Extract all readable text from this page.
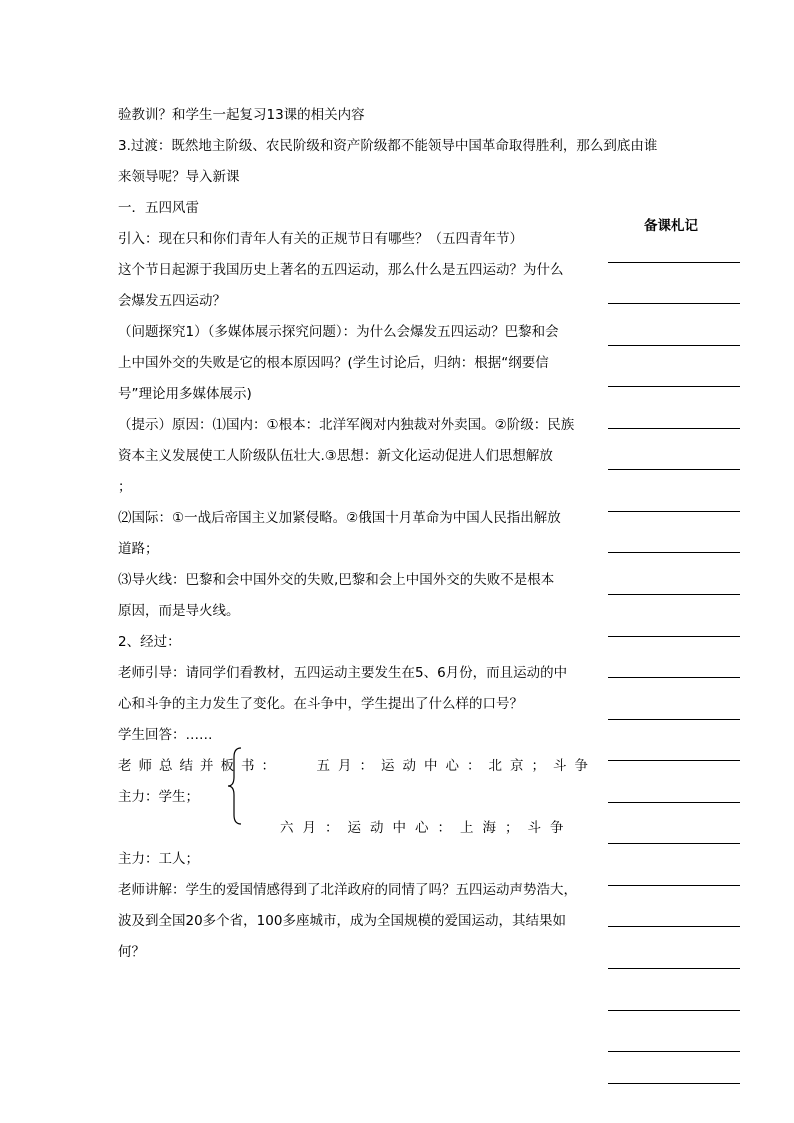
验教训？和学生一起复习13课的相关内容

3.过渡：既然地主阶级、农民阶级和资产阶级都不能领导中国革命取得胜利，那么到底由谁

来领导呢？导入新课

一．五四风雷

引入：现在只和你们青年人有关的正规节日有哪些？（五四青年节）

这个节日起源于我国历史上著名的五四运动，那么什么是五四运动？为什么

会爆发五四运动？

（问题探究1）（多媒体展示探究问题）：为什么会爆发五四运动？巴黎和会

上中国外交的失败是它的根本原因吗？(学生讨论后，归纳：根据“纲要信

号”理论用多媒体展示)

（提示）原因：⑴国内：①根本：北洋军阀对内独裁对外卖国。②阶级：民族

资本主义发展使工人阶级队伍壮大.③思想：新文化运动促进人们思想解放

；

⑵国际：①一战后帝国主义加紧侵略。②俄国十月革命为中国人民指出解放

道路；

⑶导火线：巴黎和会中国外交的失败,巴黎和会上中国外交的失败不是根本

原因，而是导火线。

2、经过：

老师引导：请同学们看教材，五四运动主要发生在5、6月份，而且运动的中

心和斗争的主力发生了变化。在斗争中，学生提出了什么样的口号？

学生回答：……

老师总结并板书：	五月：运动中心：北京；斗争

主力：学生；

六月：运动中心：上海；斗争

主力：工人；

老师讲解：学生的爱国情感得到了北洋政府的同情了吗？五四运动声势浩大，

波及到全国20多个省，100多座城市，成为全国规模的爱国运动，其结果如

何？

备课札记
